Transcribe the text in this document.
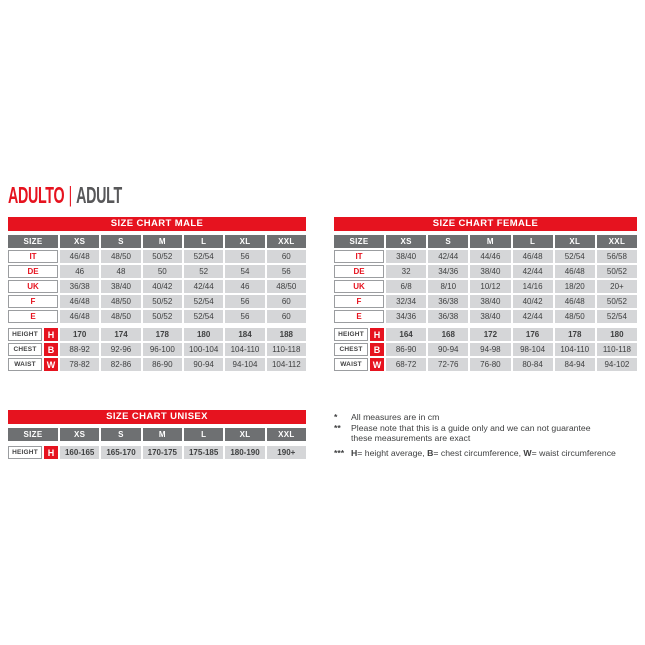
ADULTO | ADULT
SIZE CHART MALE
SIZE	XS	S	M	L	XL	XXL
IT	46/48	48/50	50/52	52/54	56	60
DE	46	48	50	52	54	56
UK	36/38	38/40	40/42	42/44	46	48/50
F	46/48	48/50	50/52	52/54	56	60
E	46/48	48/50	50/52	52/54	56	60
HEIGHT	H	170	174	178	180	184	188
CHEST	B	88-92	92-96	96-100	100-104	104-110	110-118
WAIST	W	78-82	82-86	86-90	90-94	94-104	104-112
SIZE CHART FEMALE
SIZE	XS	S	M	L	XL	XXL
IT	38/40	42/44	44/46	46/48	52/54	56/58
DE	32	34/36	38/40	42/44	46/48	50/52
UK	6/8	8/10	10/12	14/16	18/20	20+
F	32/34	36/38	38/40	40/42	46/48	50/52
E	34/36	36/38	38/40	42/44	48/50	52/54
HEIGHT	H	164	168	172	176	178	180
CHEST	B	86-90	90-94	94-98	98-104	104-110	110-118
WAIST	W	68-72	72-76	76-80	80-84	84-94	94-102
SIZE CHART UNISEX
SIZE	XS	S	M	L	XL	XXL
HEIGHT	H	160-165	165-170	170-175	175-185	180-190	190+
*	All measures are in cm
**	Please note that this is a guide only and we can not guarantee
these measurements are exact
*** H= height average, B= chest circumference, W= waist circumference
